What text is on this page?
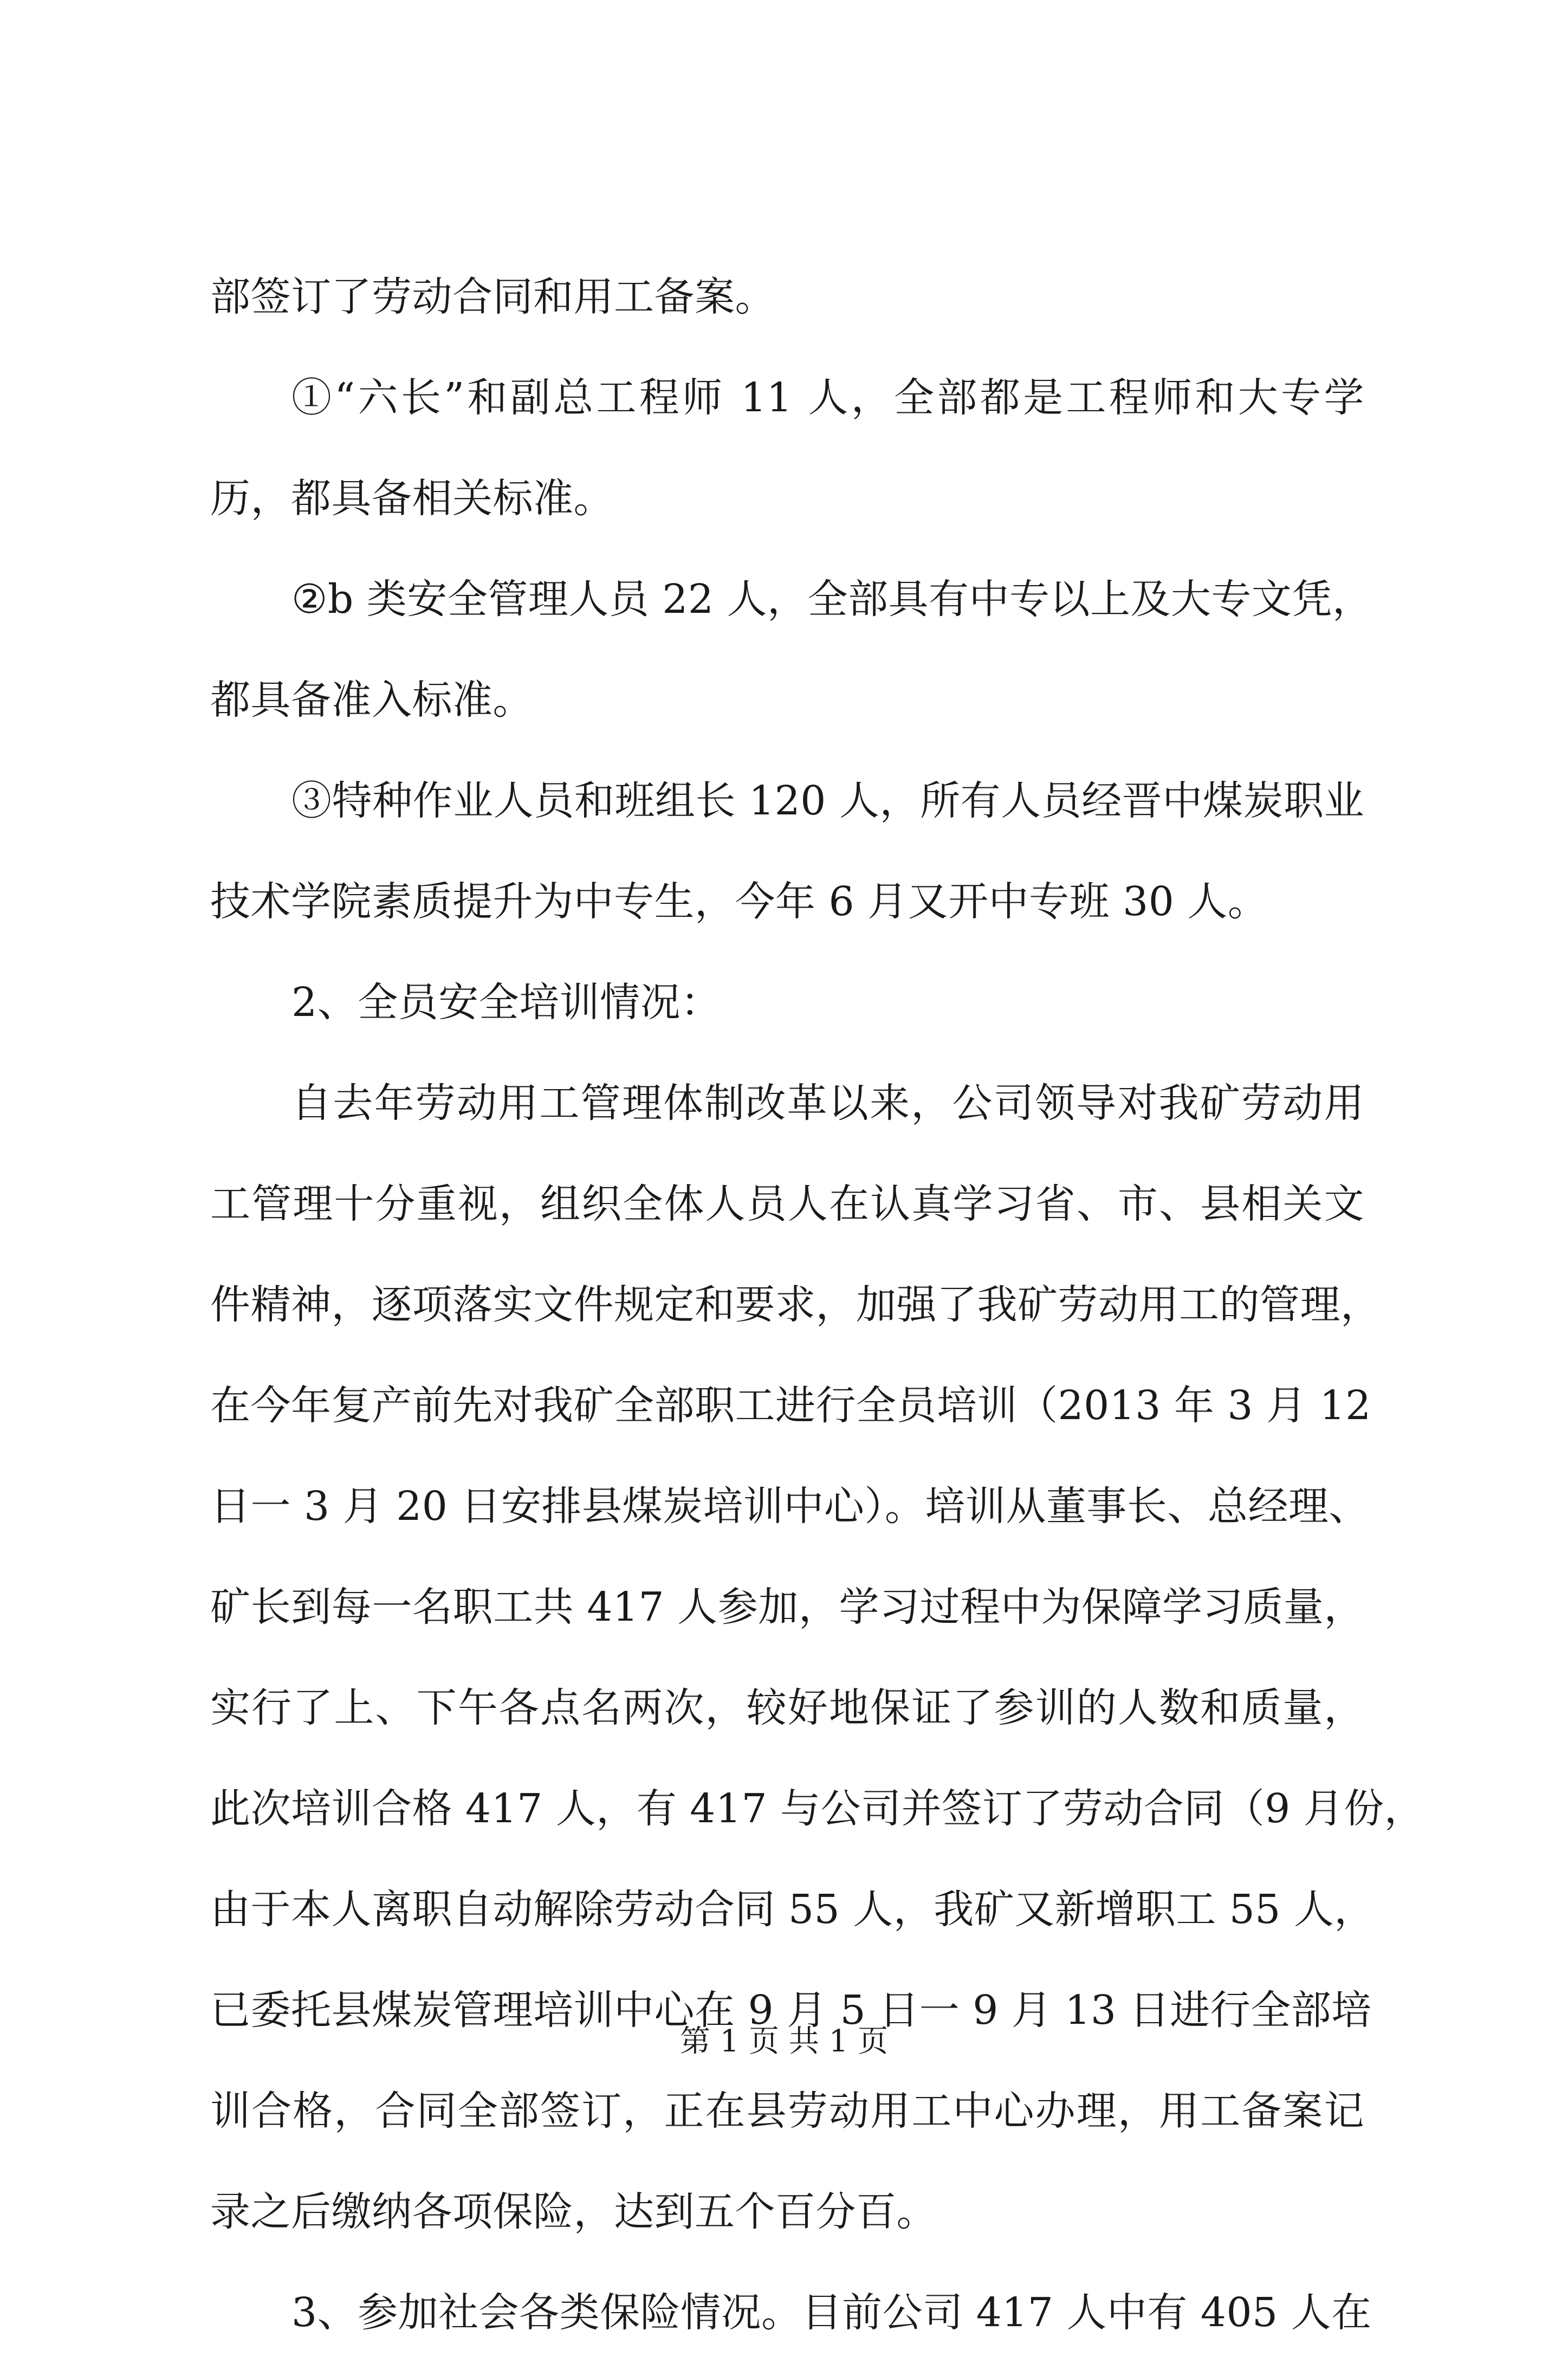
部签订了劳动合同和用工备案。
①“六长”和副总工程师 11 人，全部都是工程师和大专学
历，都具备相关标准。
②b 类安全管理人员 22 人，全部具有中专以上及大专文凭，
都具备准入标准。
③特种作业人员和班组长 120 人，所有人员经晋中煤炭职业
技术学院素质提升为中专生，今年 6 月又开中专班 30 人。
2、全员安全培训情况：
自去年劳动用工管理体制改革以来，公司领导对我矿劳动用
工管理十分重视，组织全体人员人在认真学习省、市、县相关文
件精神，逐项落实文件规定和要求，加强了我矿劳动用工的管理，
在今年复产前先对我矿全部职工进行全员培训（2013 年 3 月 12
日一 3 月 20 日安排县煤炭培训中心）。培训从董事长、总经理、
矿长到每一名职工共 417 人参加，学习过程中为保障学习质量，
实行了上、下午各点名两次，较好地保证了参训的人数和质量，
此次培训合格 417 人，有 417 与公司并签订了劳动合同（9 月份，
由于本人离职自动解除劳动合同 55 人，我矿又新增职工 55 人，
已委托县煤炭管理培训中心在 9 月 5 日一 9 月 13 日进行全部培
训合格，合同全部签订，正在县劳动用工中心办理，用工备案记
录之后缴纳各项保险，达到五个百分百。
3、参加社会各类保险情况。目前公司 417 人中有 405 人在
第 1 页 共 1 页
